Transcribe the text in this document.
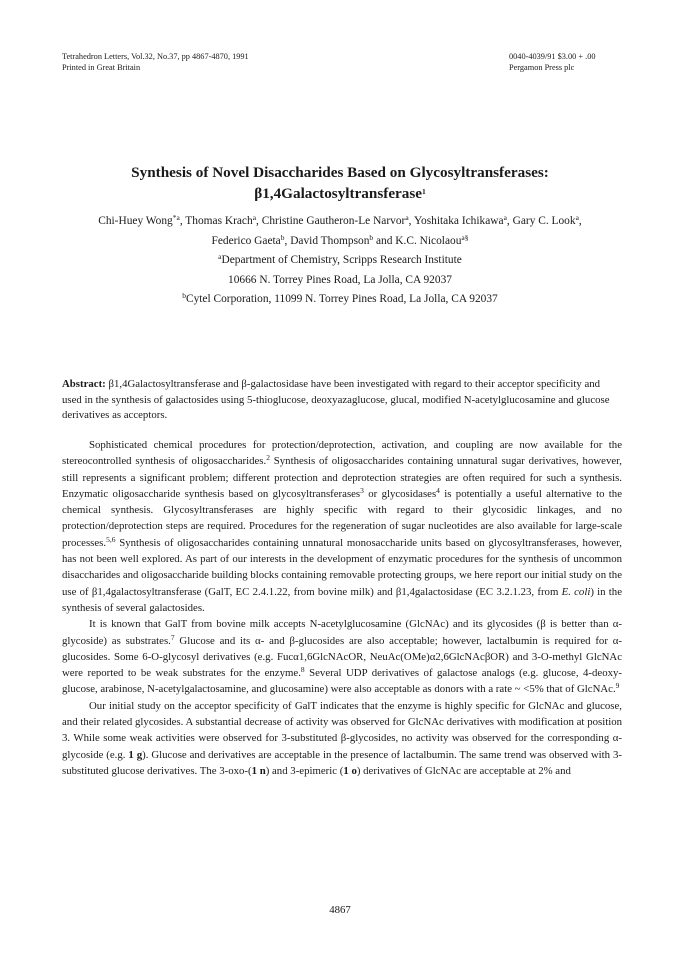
Tetrahedron Letters, Vol.32, No.37, pp 4867-4870, 1991
Printed in Great Britain
0040-4039/91 $3.00 + .00
Pergamon Press plc
Synthesis of Novel Disaccharides Based on Glycosyltransferases:
β1,4Galactosyltransferase$^1$
Chi-Huey Wong$^{*a}$, Thomas Krach$^a$, Christine Gautheron-Le Narvor$^a$, Yoshitaka Ichikawa$^a$, Gary C. Look$^a$,
Federico Gaeta$^b$, David Thompson$^b$ and K.C. Nicolaou$^{a\S}$
$^a$Department of Chemistry, Scripps Research Institute
10666 N. Torrey Pines Road, La Jolla, CA 92037
$^b$Cytel Corporation, 11099 N. Torrey Pines Road, La Jolla, CA 92037
Abstract: β1,4Galactosyltransferase and β-galactosidase have been investigated with regard to their acceptor specificity and used in the synthesis of galactosides using 5-thioglucose, deoxyazaglucose, glucal, modified N-acetylglucosamine and glucose derivatives as acceptors.

Sophisticated chemical procedures for protection/deprotection, activation, and coupling are now available for the stereocontrolled synthesis of oligosaccharides.$^2$ Synthesis of oligosaccharides containing unnatural sugar derivatives, however, still represents a significant problem; different protection and deprotection strategies are often required for such a synthesis. Enzymatic oligosaccharide synthesis based on glycosyltransferases$^3$ or glycosidases$^4$ is potentially a useful alternative to the chemical synthesis. Glycosyltransferases are highly specific with regard to their glycosidic linkages, and no protection/deprotection steps are required. Procedures for the regeneration of sugar nucleotides are also available for large-scale processes.$^{5,6}$ Synthesis of oligosaccharides containing unnatural monosaccharide units based on glycosyltransferases, however, has not been well explored. As part of our interests in the development of enzymatic procedures for the synthesis of uncommon disaccharides and oligosaccharide building blocks containing removable protecting groups, we here report our initial study on the use of β1,4galactosyltransferase (GalT, EC 2.4.1.22, from bovine milk) and β1,4galactosidase (EC 3.2.1.23, from E. coli) in the synthesis of several galactosides.

It is known that GalT from bovine milk accepts N-acetylglucosamine (GlcNAc) and its glycosides (β is better than α-glycoside) as substrates.$^7$ Glucose and its α- and β-glucosides are also acceptable; however, lactalbumin is required for α-glucosides. Some 6-O-glycosyl derivatives (e.g. Fucα1,6GlcNAcOR, NeuAc(OMe)α2,6GlcNAcβOR) and 3-O-methyl GlcNAc were reported to be weak substrates for the enzyme.$^8$ Several UDP derivatives of galactose analogs (e.g. glucose, 4-deoxy-glucose, arabinose, N-acetylgalactosamine, and glucosamine) were also acceptable as donors with a rate ~ <5% that of GlcNAc.$^9$

Our initial study on the acceptor specificity of GalT indicates that the enzyme is highly specific for GlcNAc and glucose, and their related glycosides. A substantial decrease of activity was observed for GlcNAc derivatives with modification at position 3. While some weak activities were observed for 3-substituted β-glycosides, no activity was observed for the corresponding α-glycoside (e.g. 1 g). Glucose and derivatives are acceptable in the presence of lactalbumin. The same trend was observed with 3-substituted glucose derivatives. The 3-oxo-(1 n) and 3-epimeric (1 o) derivatives of GlcNAc are acceptable at 2% and

4867
